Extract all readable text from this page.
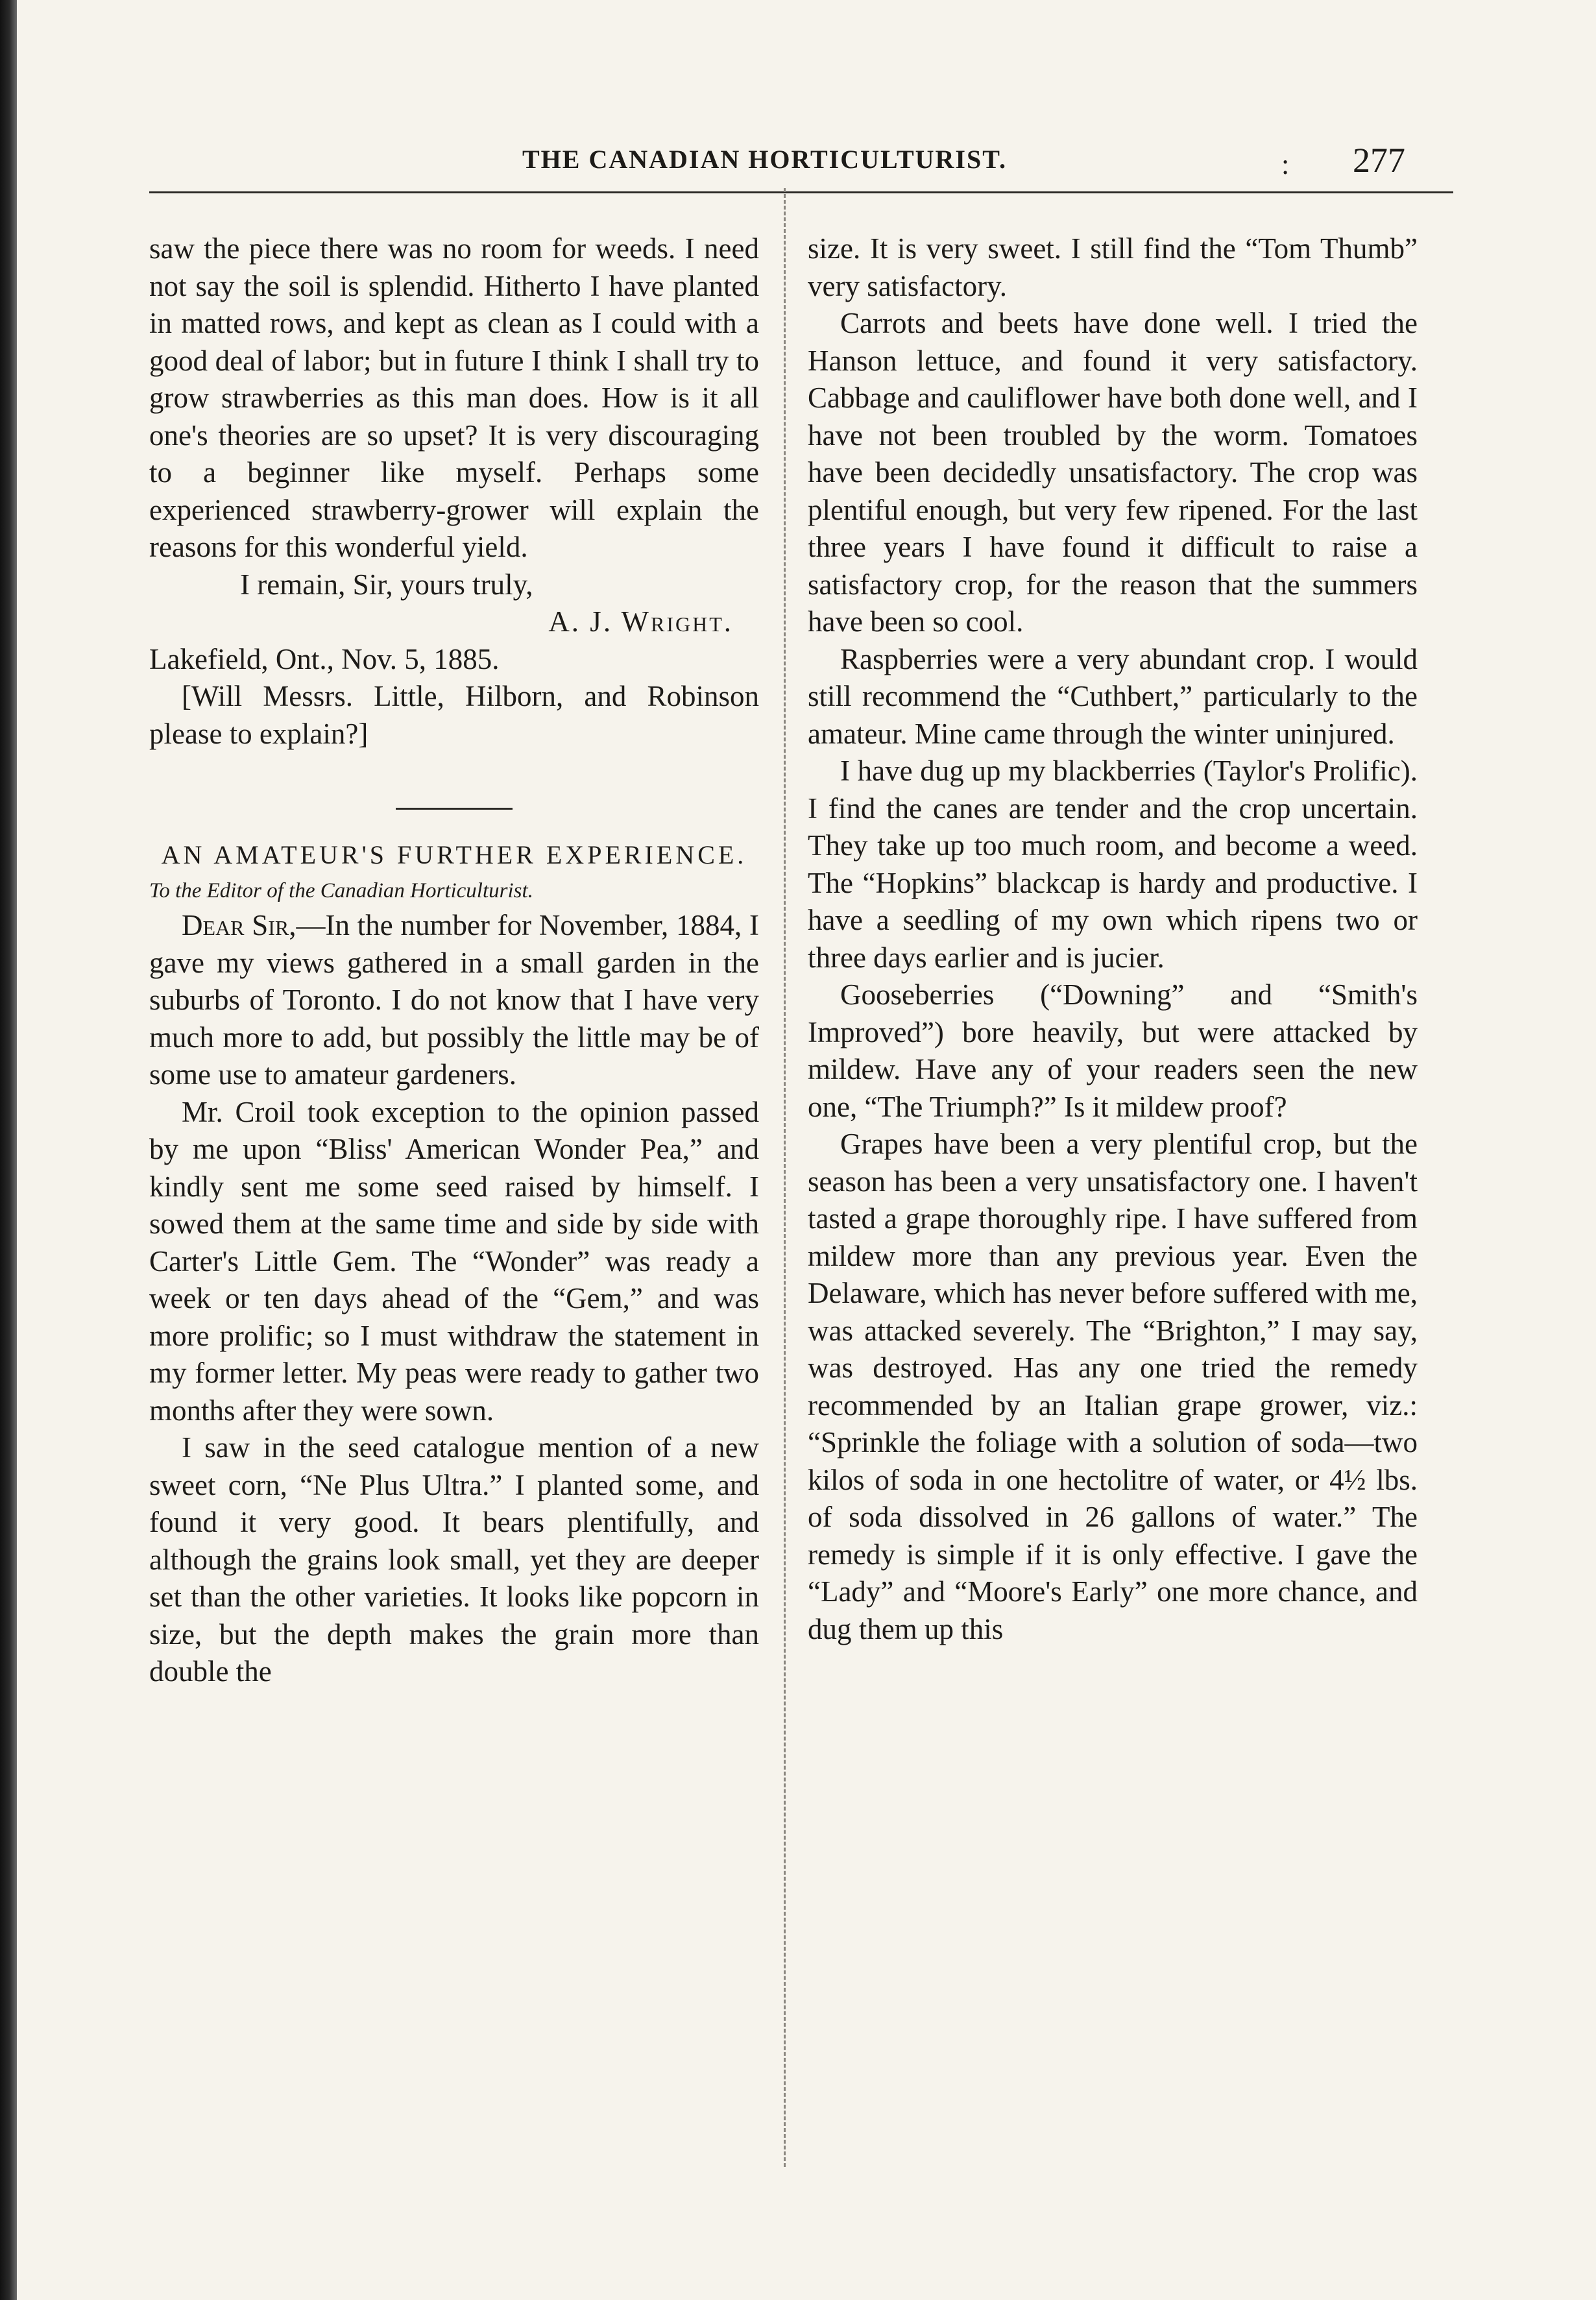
THE CANADIAN HORTICULTURIST.	: 277

saw the piece there was no room for weeds. I need not say the soil is splendid. Hitherto I have planted in matted rows, and kept as clean as I could with a good deal of labor; but in future I think I shall try to grow strawberries as this man does. How is it all one's theories are so upset? It is very discouraging to a beginner like myself. Perhaps some experienced strawberry-grower will explain the reasons for this wonderful yield.

I remain, Sir, yours truly,

A. J. Wright.

Lakefield, Ont., Nov. 5, 1885.

[Will Messrs. Little, Hilborn, and Robinson please to explain?]

AN AMATEUR'S FURTHER EXPERIENCE.

To the Editor of the Canadian Horticulturist.

Dear Sir,—In the number for November, 1884, I gave my views gathered in a small garden in the suburbs of Toronto. I do not know that I have very much more to add, but possibly the little may be of some use to amateur gardeners.

Mr. Croil took exception to the opinion passed by me upon “Bliss' American Wonder Pea,” and kindly sent me some seed raised by himself. I sowed them at the same time and side by side with Carter's Little Gem. The “Wonder” was ready a week or ten days ahead of the “Gem,” and was more prolific; so I must withdraw the statement in my former letter. My peas were ready to gather two months after they were sown.

I saw in the seed catalogue mention of a new sweet corn, “Ne Plus Ultra.” I planted some, and found it very good. It bears plentifully, and although the grains look small, yet they are deeper set than the other varieties. It looks like popcorn in size, but the depth makes the grain more than double the

size. It is very sweet. I still find the “Tom Thumb” very satisfactory.

Carrots and beets have done well. I tried the Hanson lettuce, and found it very satisfactory. Cabbage and cauliflower have both done well, and I have not been troubled by the worm. Tomatoes have been decidedly unsatisfactory. The crop was plentiful enough, but very few ripened. For the last three years I have found it difficult to raise a satisfactory crop, for the reason that the summers have been so cool.

Raspberries were a very abundant crop. I would still recommend the “Cuthbert,” particularly to the amateur. Mine came through the winter uninjured.

I have dug up my blackberries (Taylor's Prolific). I find the canes are tender and the crop uncertain. They take up too much room, and become a weed. The “Hopkins” blackcap is hardy and productive. I have a seedling of my own which ripens two or three days earlier and is jucier.

Gooseberries (“Downing” and “Smith's Improved”) bore heavily, but were attacked by mildew. Have any of your readers seen the new one, “The Triumph?” Is it mildew proof?

Grapes have been a very plentiful crop, but the season has been a very unsatisfactory one. I haven't tasted a grape thoroughly ripe. I have suffered from mildew more than any previous year. Even the Delaware, which has never before suffered with me, was attacked severely. The “Brighton,” I may say, was destroyed. Has any one tried the remedy recommended by an Italian grape grower, viz.: “Sprinkle the foliage with a solution of soda—two kilos of soda in one hectolitre of water, or 4½ lbs. of soda dissolved in 26 gallons of water.” The remedy is simple if it is only effective. I gave the “Lady” and “Moore's Early” one more chance, and dug them up this
